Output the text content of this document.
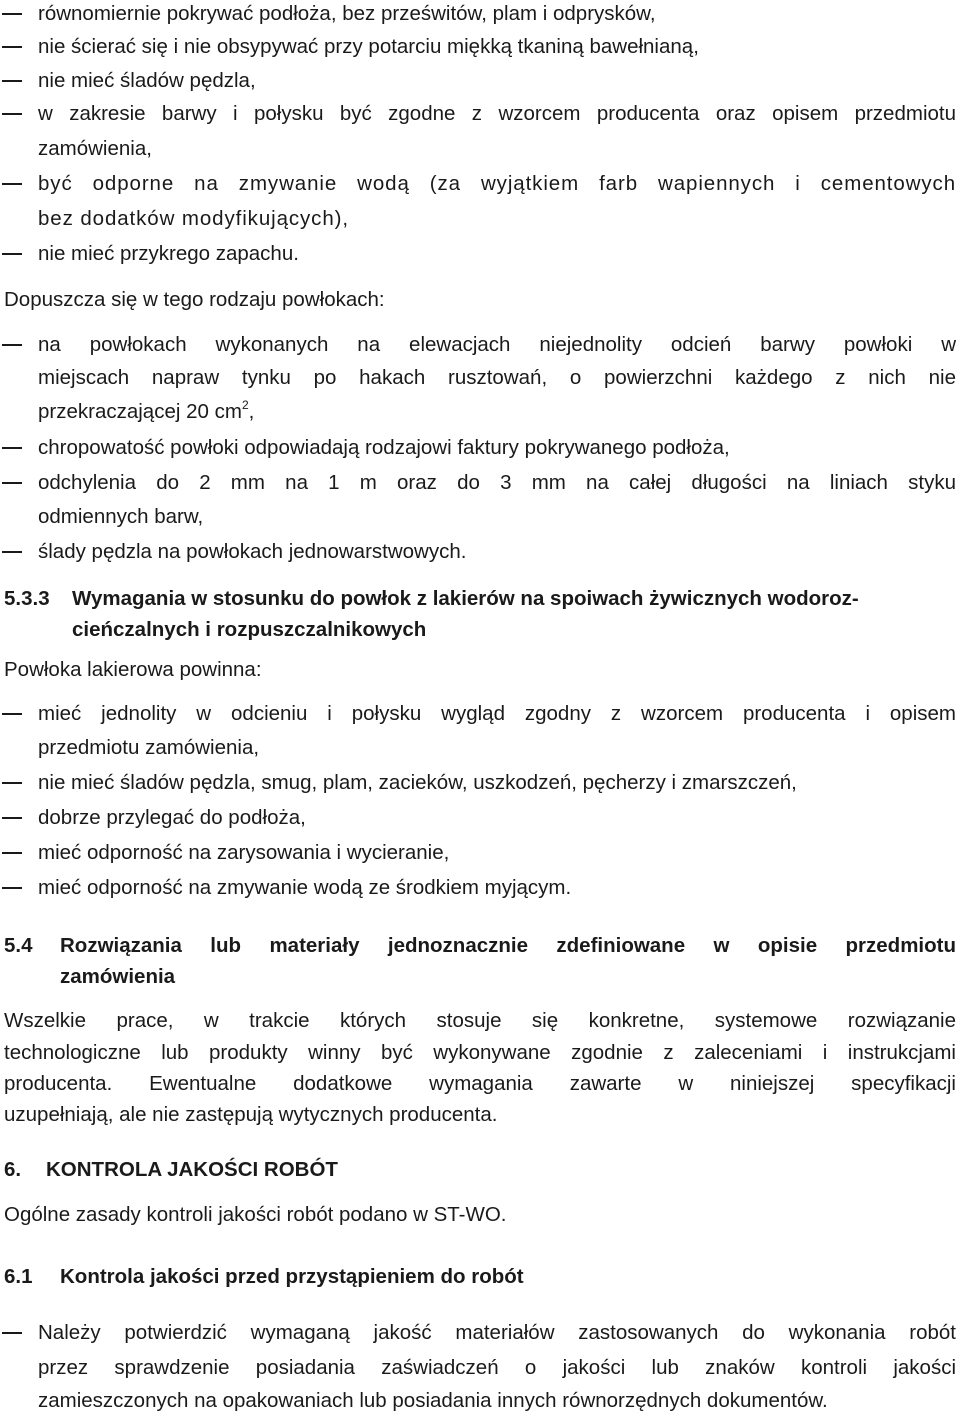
równomiernie pokrywać podłoża, bez prześwitów, plam i odprysków,
nie ścierać się i nie obsypywać przy potarciu miękką tkaniną bawełnianą,
nie mieć śladów pędzla,
w zakresie barwy i połysku być zgodne z wzorcem producenta oraz opisem przedmiotu
zamówienia,
być odporne na zmywanie wodą (za wyjątkiem farb wapiennych i cementowych
bez dodatków modyfikujących),
nie mieć przykrego zapachu.
Dopuszcza się w tego rodzaju powłokach:
na powłokach wykonanych na elewacjach niejednolity odcień barwy powłoki w
miejscach napraw tynku po hakach rusztowań, o powierzchni każdego z nich nie
przekraczającej 20 $cm^2$,
chropowatość powłoki odpowiadają rodzajowi faktury pokrywanego podłoża,
odchylenia do 2 mm na 1 m oraz do 3 mm na całej długości na liniach styku
odmiennych barw,
ślady pędzla na powłokach jednowarstwowych.
5.3.3 Wymagania w stosunku do powłok z lakierów na spoiwach żywicznych wodoroz-
cieńczalnych i rozpuszczalnikowych
Powłoka lakierowa powinna:
mieć jednolity w odcieniu i połysku wygląd zgodny z wzorcem producenta i opisem
przedmiotu zamówienia,
nie mieć śladów pędzla, smug, plam, zacieków, uszkodzeń, pęcherzy i zmarszczeń,
dobrze przylegać do podłoża,
mieć odporność na zarysowania i wycieranie,
mieć odporność na zmywanie wodą ze środkiem myjącym.
5.4 Rozwiązania lub materiały jednoznacznie zdefiniowane w opisie przedmiotu
zamówienia
Wszelkie prace, w trakcie których stosuje się konkretne, systemowe rozwiązanie
technologiczne lub produkty winny być wykonywane zgodnie z zaleceniami i instrukcjami
producenta. Ewentualne dodatkowe wymagania zawarte w niniejszej specyfikacji
uzupełniają, ale nie zastępują wytycznych producenta.
6. KONTROLA JAKOŚCI ROBÓT
Ogólne zasady kontroli jakości robót podano w ST-WO.
6.1 Kontrola jakości przed przystąpieniem do robót
Należy potwierdzić wymaganą jakość materiałów zastosowanych do wykonania robót
przez sprawdzenie posiadania zaświadczeń o jakości lub znaków kontroli jakości
zamieszczonych na opakowaniach lub posiadania innych równorzędnych dokumentów.
